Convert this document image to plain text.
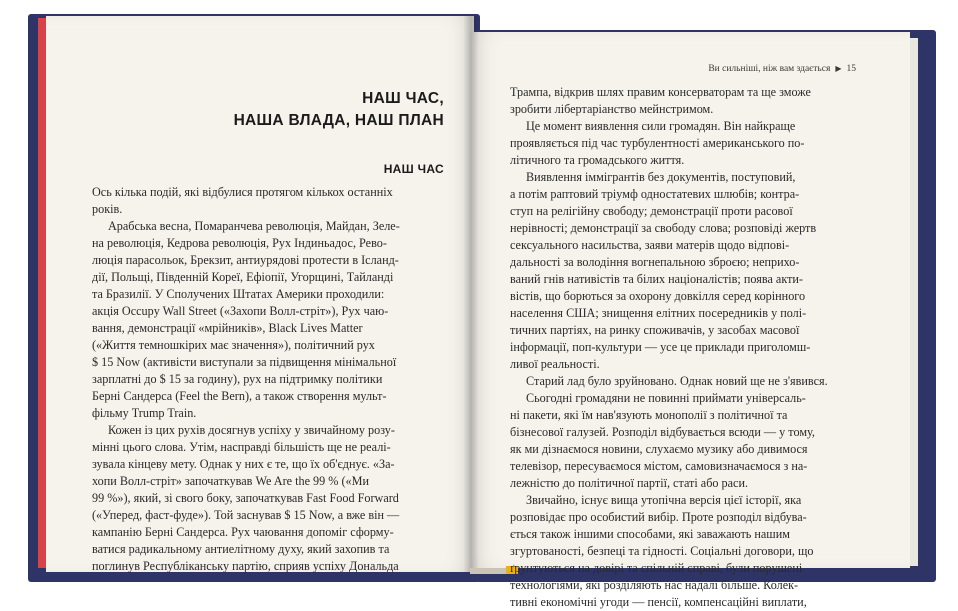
НАШ ЧАС,
НАША ВЛАДА, НАШ ПЛАН
НАШ ЧАС
Ось кілька подій, які відбулися протягом кількох останніх
років.
Арабська весна, Помаранчева революція, Майдан, Зеле-
на революція, Кедрова революція, Рух Індиньадос, Рево-
люція парасольок, Брекзит, антиурядові протести в Ісланд-
дії, Польщі, Південній Кореї, Ефіопії, Угорщині, Тайланді
та Бразилії. У Сполучених Штатах Америки проходили:
акція Occupy Wall Street («Захопи Волл-стріт»), Рух чаю-
вання, демонстрації «мрійників», Black Lives Matter
(«Життя темношкірих має значення»), політичний рух
$ 15 Now (активісти виступали за підвищення мінімальної
зарплатні до $ 15 за годину), рух на підтримку політики
Берні Сандерса (Feel the Bern), а також створення мульт-
фільму Trump Train.
Кожен із цих рухів досягнув успіху у звичайному розу-
мінні цього слова. Утім, насправді більшість ще не реалі-
зувала кінцеву мету. Однак у них є те, що їх об'єднує. «За-
хопи Волл-стріт» започаткував We Are the 99 % («Ми
99 %»), який, зі свого боку, започаткував Fast Food Forward
(«Уперед, фаст-фуде»). Той заснував $ 15 Now, а вже він —
кампанію Берні Сандерса. Рух чаювання допоміг сформу-
ватися радикальному антиелітному духу, який захопив та
поглинув Республіканську партію, сприяв успіху Дональда
Ви сильніші, ніж вам здається ▶ 15
Трампа, відкрив шлях правим консерваторам та ще зможе
зробити лібертаріанство мейнстримом.
Це момент виявлення сили громадян. Він найкраще
проявляється під час турбулентності американського по-
літичного та громадського життя.
Виявлення іммігрантів без документів, поступовий,
а потім раптовий тріумф одностатевих шлюбів; контра-
ступ на релігійну свободу; демонстрації проти расової
нерівності; демонстрації за свободу слова; розповіді жертв
сексуального насильства, заяви матерів щодо відпові-
дальності за володіння вогнепальною зброєю; неприхо-
ваний гнів нативістів та білих націоналістів; поява акти-
вістів, що борються за охорону довкілля серед корінного
населення США; знищення елітних посередників у полі-
тичних партіях, на ринку споживачів, у засобах масової
інформації, поп-культури — усе це приклади приголомш-
ливої реальності.
Старий лад було зруйновано. Однак новий ще не з'явився.
Сьогодні громадяни не повинні приймати універсаль-
ні пакети, які їм нав'язують монополії з політичної та
бізнесової галузей. Розподіл відбувається всюди — у тому,
як ми дізнаємося новини, слухаємо музику або дивимося
телевізор, пересуваємося містом, самовизначаємося з на-
лежністю до політичної партії, статі або раси.
Звичайно, існує вища утопічна версія цієї історії, яка
розповідає про особистий вибір. Проте розподіл відбува-
ється також іншими способами, які заважають нашим
згуртованості, безпеці та гідності. Соціальні договори, що
ґрунтуються на довірі та спільній справі, були порушені
технологіями, які розділяють нас надалі більше. Колек-
тивні економічні угоди — пенсії, компенсаційні виплати,
